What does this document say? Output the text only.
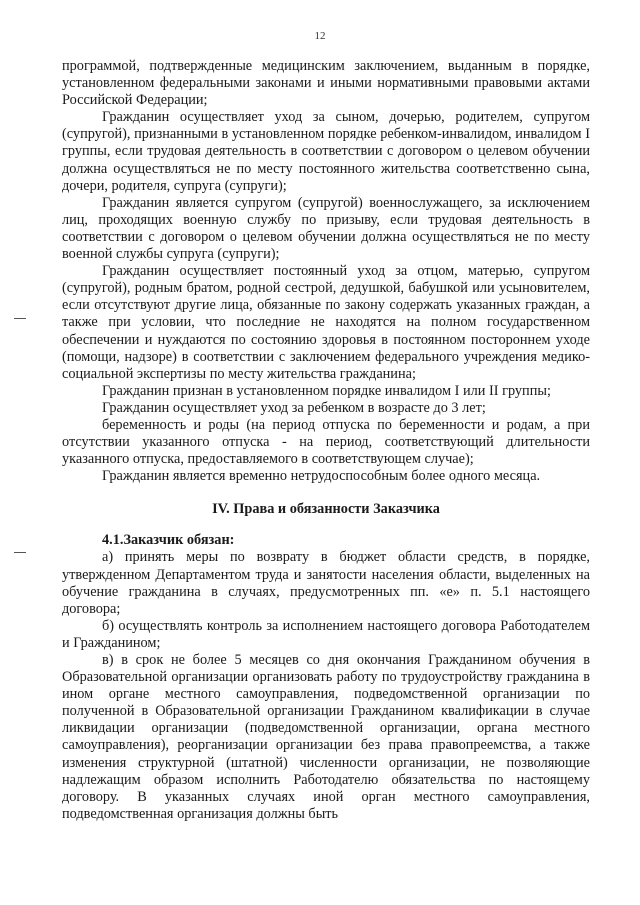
12

программой, подтвержденные медицинским заключением, выданным в порядке, установленном федеральными законами и иными нормативными правовыми актами Российской Федерации;

Гражданин осуществляет уход за сыном, дочерью, родителем, супругом (супругой), признанными в установленном порядке ребенком-инвалидом, инвалидом I группы, если трудовая деятельность в соответствии с договором о целевом обучении должна осуществляться не по месту постоянного жительства соответственно сына, дочери, родителя, супруга (супруги);

Гражданин является супругом (супругой) военнослужащего, за исключением лиц, проходящих военную службу по призыву, если трудовая деятельность в соответствии с договором о целевом обучении должна осуществляться не по месту военной службы супруга (супруги);

Гражданин осуществляет постоянный уход за отцом, матерью, супругом (супругой), родным братом, родной сестрой, дедушкой, бабушкой или усыновителем, если отсутствуют другие лица, обязанные по закону содержать указанных граждан, а также при условии, что последние не находятся на полном государственном обеспечении и нуждаются по состоянию здоровья в постоянном постороннем уходе (помощи, надзоре) в соответствии с заключением федерального учреждения медико-социальной экспертизы по месту жительства гражданина;

Гражданин признан в установленном порядке инвалидом I или II группы;

Гражданин осуществляет уход за ребенком в возрасте до 3 лет;

беременность и роды (на период отпуска по беременности и родам, а при отсутствии указанного отпуска - на период, соответствующий длительности указанного отпуска, предоставляемого в соответствующем случае);

Гражданин является временно нетрудоспособным более одного месяца.

IV. Права и обязанности Заказчика

4.1.Заказчик обязан:

а) принять меры по возврату в бюджет области средств, в порядке, утвержденном Департаментом труда и занятости населения области, выделенных на обучение гражданина в случаях, предусмотренных пп. «е» п. 5.1 настоящего договора;

б) осуществлять контроль за исполнением настоящего договора Работодателем и Гражданином;

в) в срок не более 5 месяцев со дня окончания Гражданином обучения в Образовательной организации организовать работу по трудоустройству гражданина в ином органе местного самоуправления, подведомственной организации по полученной в Образовательной организации Гражданином квалификации в случае ликвидации организации (подведомственной организации, органа местного самоуправления), реорганизации организации без права правопреемства, а также изменения структурной (штатной) численности организации, не позволяющие надлежащим образом исполнить Работодателю обязательства по настоящему договору. В указанных случаях иной орган местного самоуправления, подведомственная организация должны быть
